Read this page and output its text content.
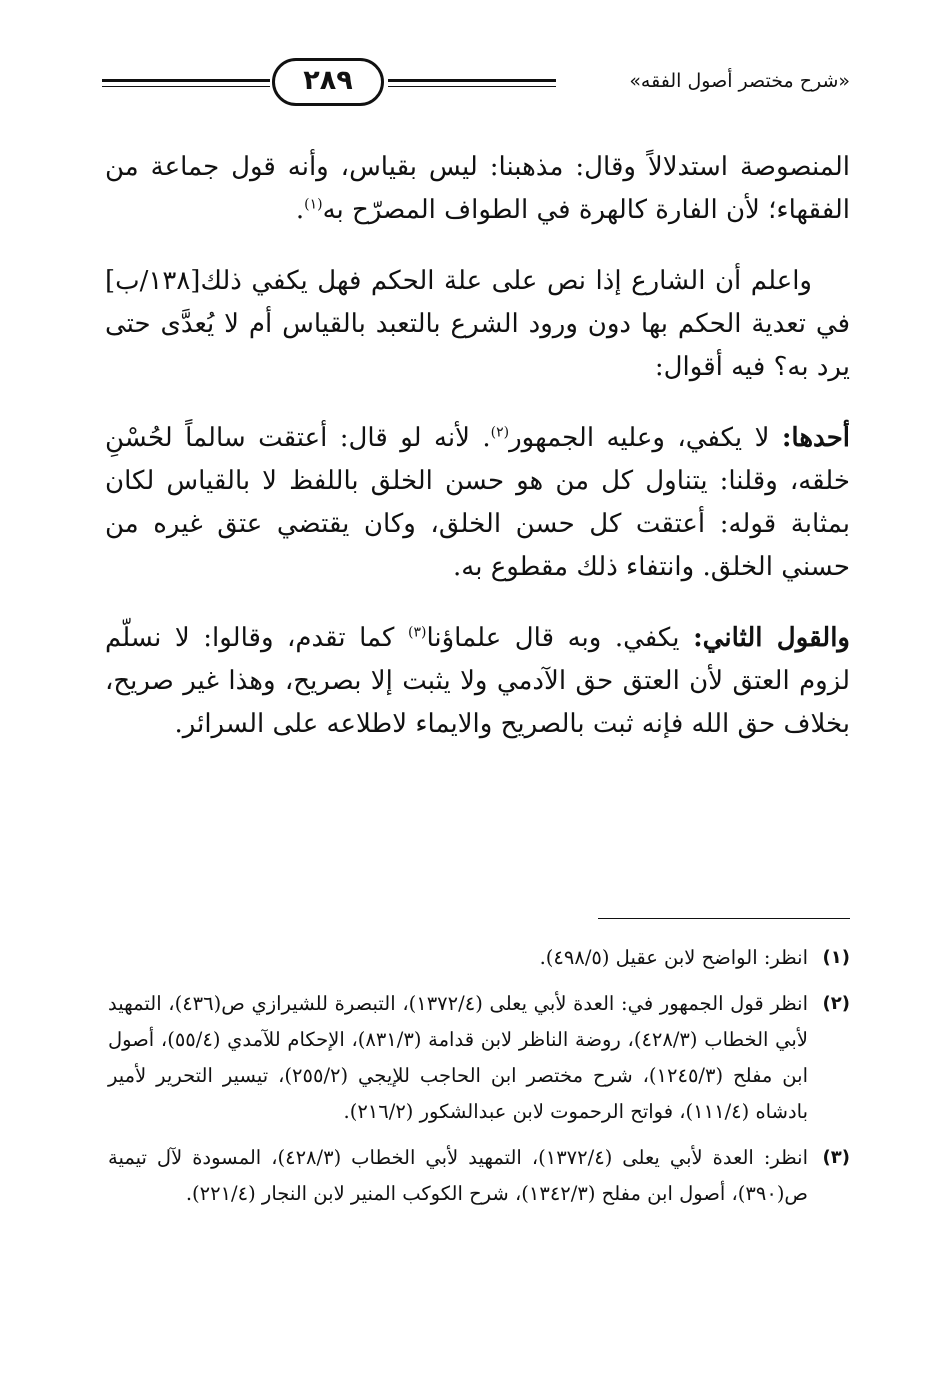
٢٨٩	«شرح مختصر أصول الفقه»

المنصوصة استدلالاً وقال: مذهبنا: ليس بقياس، وأنه قول جماعة من الفقهاء؛ لأن الفارة كالهرة في الطواف المصرّح به$^{(١)}$.

واعلم أن الشارع إذا نص على علة الحكم فهل يكفي ذلك[١٣٨/ب] في تعدية الحكم بها دون ورود الشرع بالتعبد بالقياس أم لا يُعدَّى حتى يرد به؟ فيه أقوال:

أحدها: لا يكفي، وعليه الجمهور$^{(٢)}$. لأنه لو قال: أعتقت سالماً لحُسْنِ خلقه، وقلنا: يتناول كل من هو حسن الخلق باللفظ لا بالقياس لكان بمثابة قوله: أعتقت كل حسن الخلق، وكان يقتضي عتق غيره من حسني الخلق. وانتفاء ذلك مقطوع به.

والقول الثاني: يكفي. وبه قال علماؤنا$^{(٣)}$ كما تقدم، وقالوا: لا نسلّم لزوم العتق لأن العتق حق الآدمي ولا يثبت إلا بصريح، وهذا غير صريح، بخلاف حق الله فإنه ثبت بالصريح والايماء لاطلاعه على السرائر.

(١)
انظر: الواضح لابن عقيل (٤٩٨/٥).
(٢)
انظر قول الجمهور في: العدة لأبي يعلى (١٣٧٢/٤)، التبصرة للشيرازي ص(٤٣٦)، التمهيد لأبي الخطاب (٤٢٨/٣)، روضة الناظر لابن قدامة (٨٣١/٣)، الإحكام للآمدي (٥٥/٤)، أصول ابن مفلح (١٢٤٥/٣)، شرح مختصر ابن الحاجب للإيجي (٢٥٥/٢)، تيسير التحرير لأمير بادشاه (١١١/٤)، فواتح الرحموت لابن عبدالشكور (٢١٦/٢).
(٣)
انظر: العدة لأبي يعلى (١٣٧٢/٤)، التمهيد لأبي الخطاب (٤٢٨/٣)، المسودة لآل تيمية ص(٣٩٠)، أصول ابن مفلح (١٣٤٢/٣)، شرح الكوكب المنير لابن النجار (٢٢١/٤).
